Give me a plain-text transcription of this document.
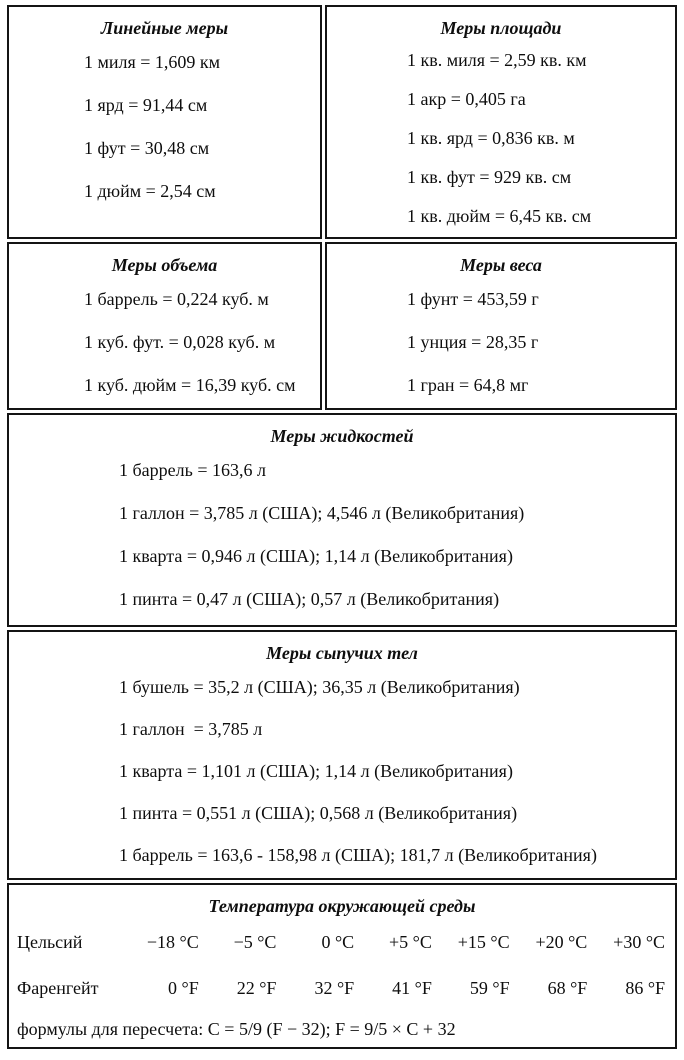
Линейные меры
1 миля = 1,609 км
1 ярд = 91,44 см
1 фут = 30,48 см
1 дюйм = 2,54 см
Меры площади
1 кв. миля = 2,59 кв. км
1 акр = 0,405 га
1 кв. ярд = 0,836 кв. м
1 кв. фут = 929 кв. см
1 кв. дюйм = 6,45 кв. см
Меры объема
1 баррель = 0,224 куб. м
1 куб. фут. = 0,028 куб. м
1 куб. дюйм = 16,39 куб. см
Меры веса
1 фунт = 453,59 г
1 унция = 28,35 г
1 гран = 64,8 мг
Меры жидкостей
1 баррель = 163,6 л
1 галлон = 3,785 л (США); 4,546 л (Великобритания)
1 кварта = 0,946 л (США); 1,14 л (Великобритания)
1 пинта = 0,47 л (США); 0,57 л (Великобритания)
Меры сыпучих тел
1 бушель = 35,2 л (США); 36,35 л (Великобритания)
1 галлон  = 3,785 л
1 кварта = 1,101 л (США); 1,14 л (Великобритания)
1 пинта = 0,551 л (США); 0,568 л (Великобритания)
1 баррель = 163,6 - 158,98 л (США); 181,7 л (Великобритания)
Температура окружающей среды
Цельсий	−18 °C	−5 °C	0 °C	+5 °C	+15 °C	+20 °C	+30 °C
Фаренгейт	0 °F	22 °F	32 °F	41 °F	59 °F	68 °F	86 °F
формулы для пересчета: C = 5/9 (F − 32); F = 9/5 × C + 32
